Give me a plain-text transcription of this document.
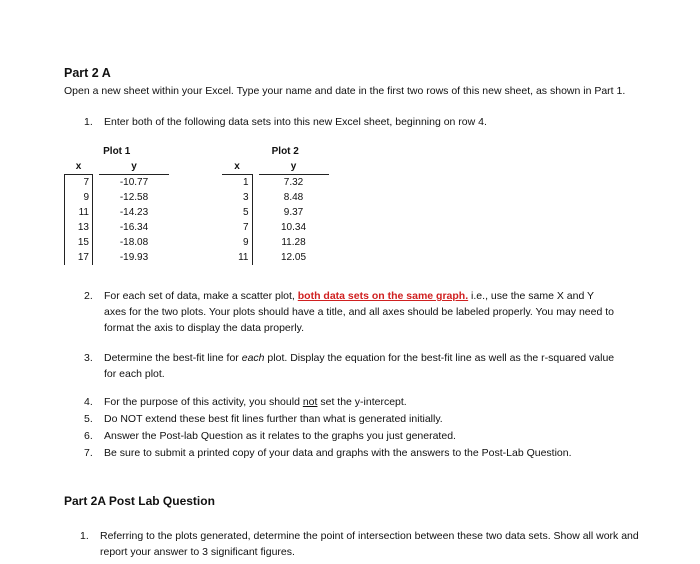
Part 2 A
Open a new sheet within your Excel. Type your name and date in the first two rows of this new sheet, as shown in Part 1.
1.	Enter both of the following data sets into this new Excel sheet, beginning on row 4.
Plot 1		
x		y
7		-10.77
9		-12.58
11		-14.23
13		-16.34
15		-18.08
17		-19.93
Plot 2		
x		y
1		7.32
3		8.48
5		9.37
7		10.34
9		11.28
11		12.05
2.	For each set of data, make a scatter plot, both data sets on the same graph. i.e., use the same X and Y axes for the two plots. Your plots should have a title, and all axes should be labeled properly. You may need to format the axis to display the data properly.
3.	Determine the best-fit line for each plot. Display the equation for the best-fit line as well as the r-squared value for each plot.
4.	For the purpose of this activity, you should not set the y-intercept.
5.	Do NOT extend these best fit lines further than what is generated initially.
6.	Answer the Post-lab Question as it relates to the graphs you just generated.
7.	Be sure to submit a printed copy of your data and graphs with the answers to the Post-Lab Question.
Part 2A Post Lab Question
1.	Referring to the plots generated, determine the point of intersection between these two data sets. Show all work and report your answer to 3 significant figures.
